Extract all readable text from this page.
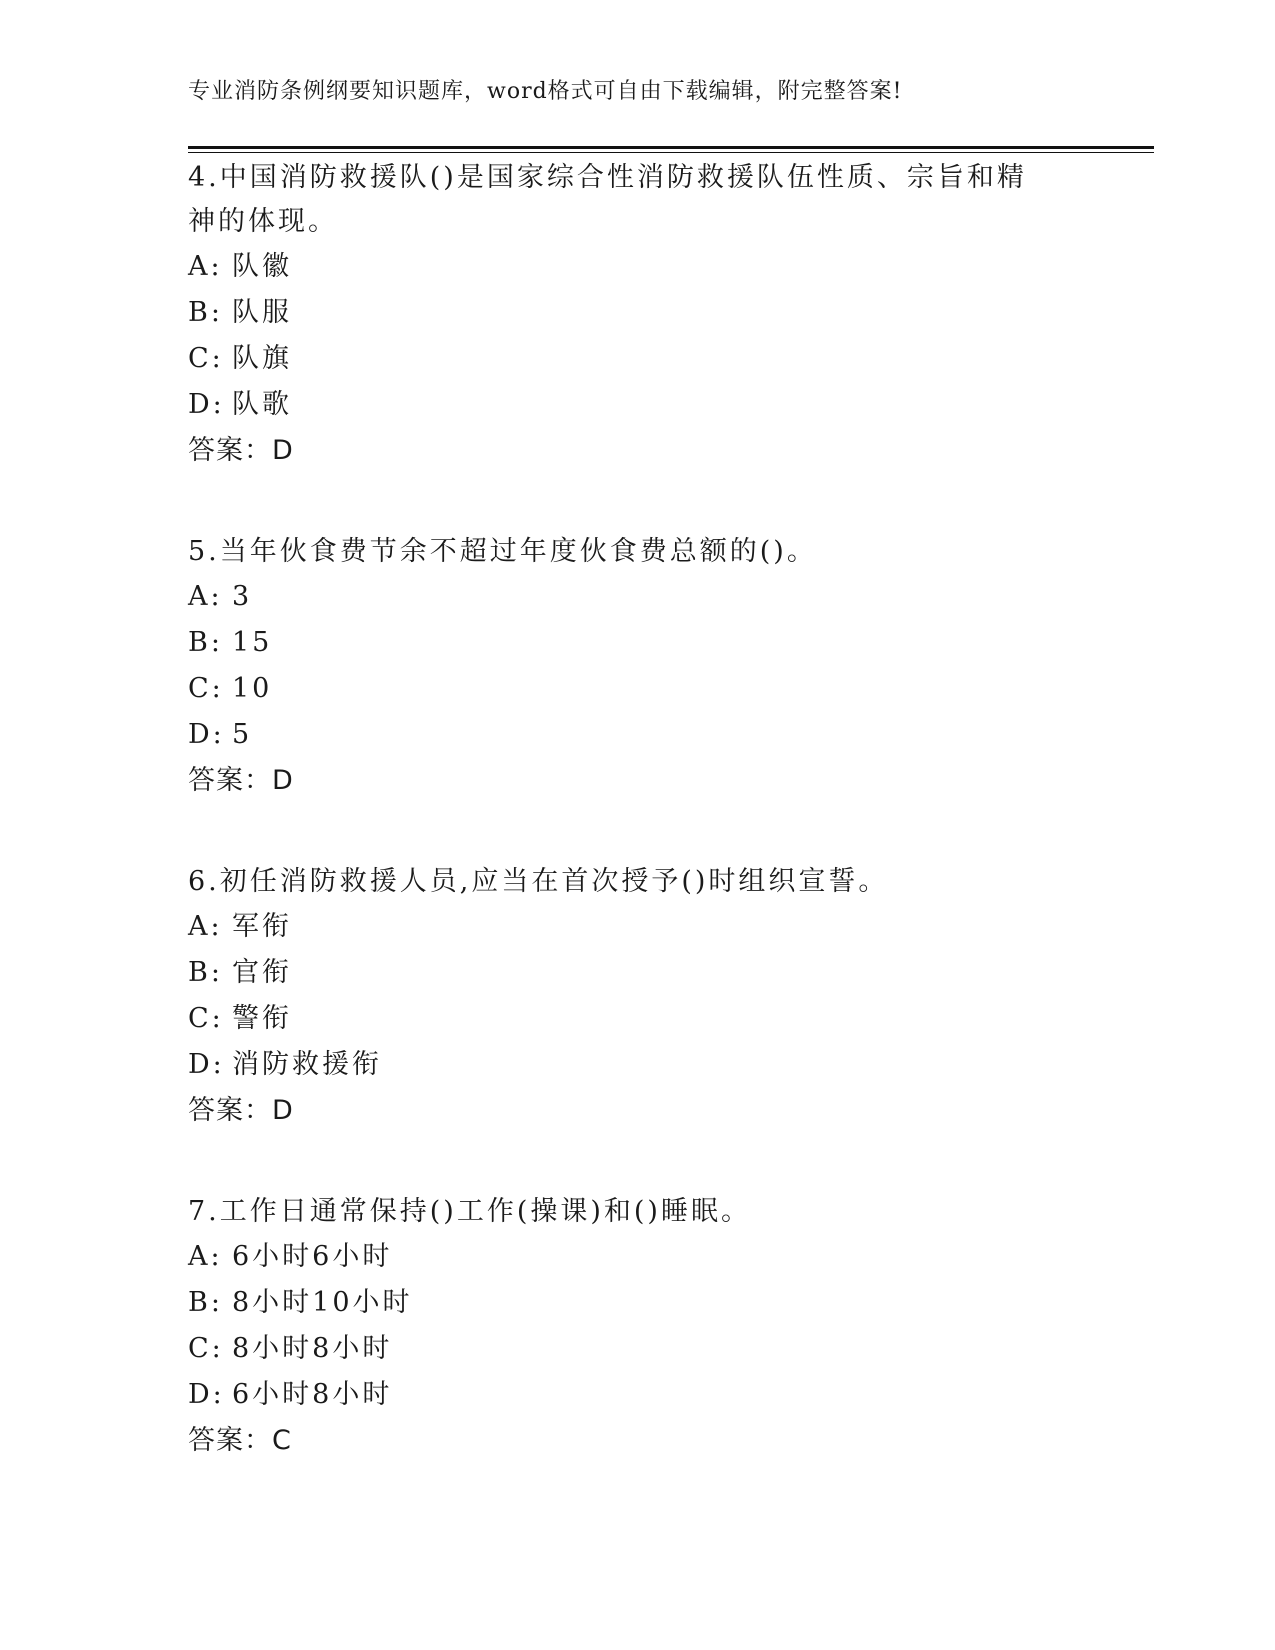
专业消防条例纲要知识题库，word格式可自由下载编辑，附完整答案!
4.中国消防救援队()是国家综合性消防救援队伍性质、宗旨和精神的体现。
A: 队徽
B: 队服
C: 队旗
D: 队歌
答案：D
5.当年伙食费节余不超过年度伙食费总额的()。
A: 3
B: 15
C: 10
D: 5
答案：D
6.初任消防救援人员,应当在首次授予()时组织宣誓。
A: 军衔
B: 官衔
C: 警衔
D: 消防救援衔
答案：D
7.工作日通常保持()工作(操课)和()睡眠。
A: 6小时6小时
B: 8小时10小时
C: 8小时8小时
D: 6小时8小时
答案：C
